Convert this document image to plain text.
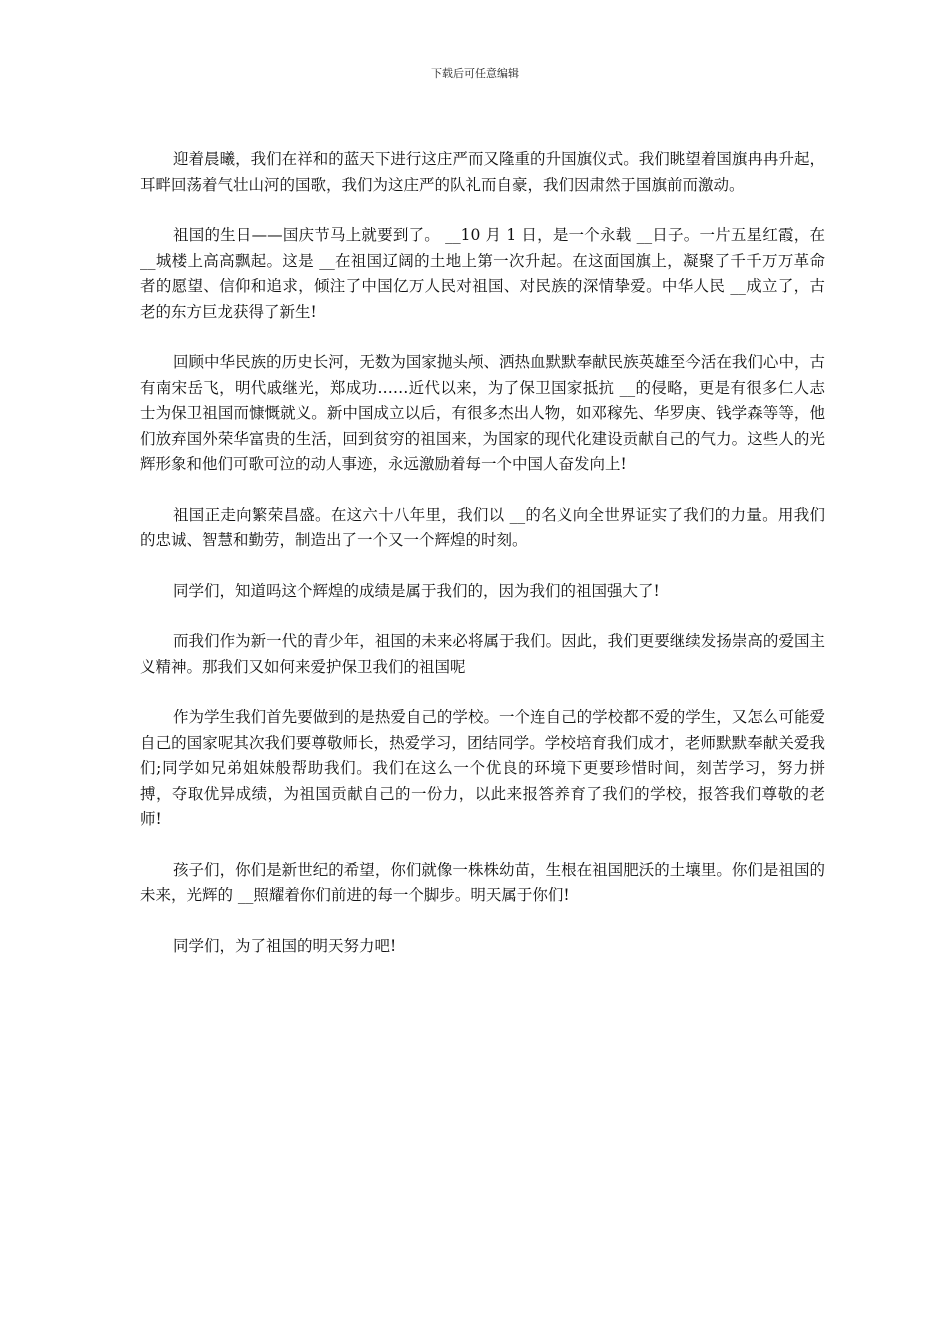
下载后可任意编辑

迎着晨曦，我们在祥和的蓝天下进行这庄严而又隆重的升国旗仪式。我们眺望着国旗冉冉升起，耳畔回荡着气壮山河的国歌，我们为这庄严的队礼而自豪，我们因肃然于国旗前而激动。

祖国的生日——国庆节马上就要到了。 __10 月 1 日，是一个永载 __日子。一片五星红霞，在 __城楼上高高飘起。这是 __在祖国辽阔的土地上第一次升起。在这面国旗上，凝聚了千千万万革命者的愿望、信仰和追求，倾注了中国亿万人民对祖国、对民族的深情挚爱。中华人民 __成立了，古老的东方巨龙获得了新生!

回顾中华民族的历史长河，无数为国家抛头颅、洒热血默默奉献民族英雄至今活在我们心中，古有南宋岳飞，明代戚继光，郑成功……近代以来，为了保卫国家抵抗 __的侵略，更是有很多仁人志士为保卫祖国而慷慨就义。新中国成立以后，有很多杰出人物，如邓稼先、华罗庚、钱学森等等，他们放弃国外荣华富贵的生活，回到贫穷的祖国来，为国家的现代化建设贡献自己的气力。这些人的光辉形象和他们可歌可泣的动人事迹，永远激励着每一个中国人奋发向上!

祖国正走向繁荣昌盛。在这六十八年里，我们以 __的名义向全世界证实了我们的力量。用我们的忠诚、智慧和勤劳，制造出了一个又一个辉煌的时刻。

同学们，知道吗这个辉煌的成绩是属于我们的，因为我们的祖国强大了!

而我们作为新一代的青少年，祖国的未来必将属于我们。因此，我们更要继续发扬崇高的爱国主义精神。那我们又如何来爱护保卫我们的祖国呢

作为学生我们首先要做到的是热爱自己的学校。一个连自己的学校都不爱的学生，又怎么可能爱自己的国家呢其次我们要尊敬师长，热爱学习，团结同学。学校培育我们成才，老师默默奉献关爱我们;同学如兄弟姐妹般帮助我们。我们在这么一个优良的环境下更要珍惜时间，刻苦学习，努力拼搏，夺取优异成绩，为祖国贡献自己的一份力，以此来报答养育了我们的学校，报答我们尊敬的老师!

孩子们，你们是新世纪的希望，你们就像一株株幼苗，生根在祖国肥沃的土壤里。你们是祖国的未来，光辉的 __照耀着你们前进的每一个脚步。明天属于你们!

同学们，为了祖国的明天努力吧!
